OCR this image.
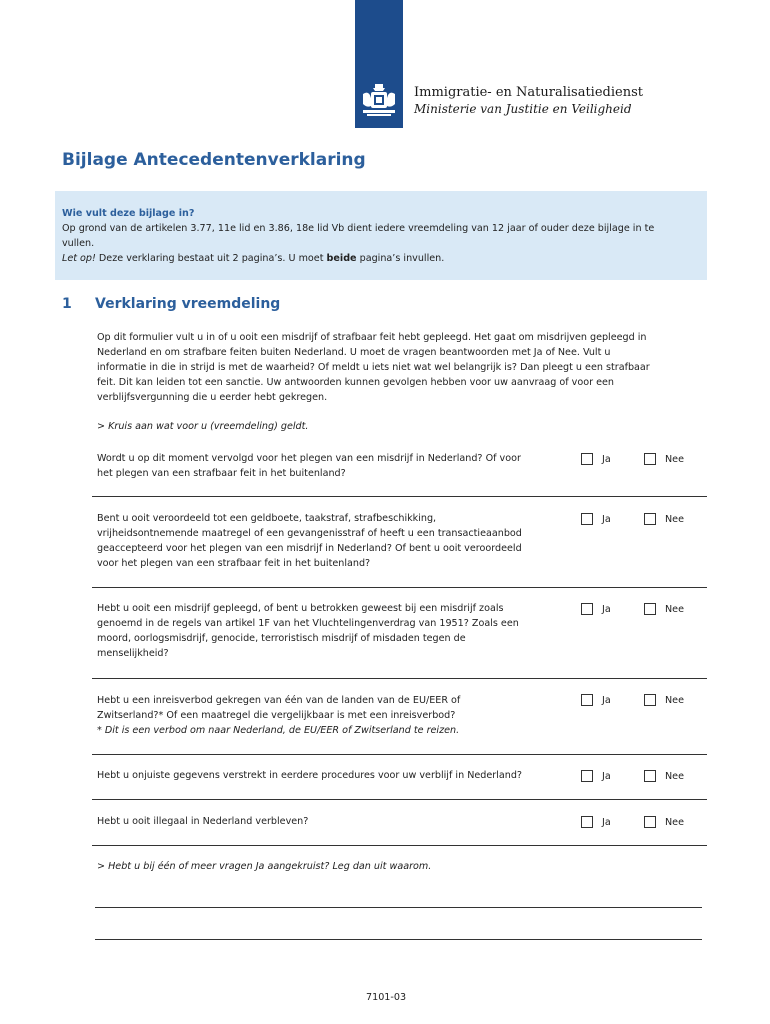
Immigratie- en Naturalisatiedienst
Ministerie van Justitie en Veiligheid
Bijlage Antecedentenverklaring
Wie vult deze bijlage in?
Op grond van de artikelen 3.77, 11e lid en 3.86, 18e lid Vb dient iedere vreemdeling van 12 jaar of ouder deze bijlage in te
vullen.
Let op! Deze verklaring bestaat uit 2 pagina’s. U moet beide pagina’s invullen.
1 Verklaring vreemdeling
Op dit formulier vult u in of u ooit een misdrijf of strafbaar feit hebt gepleegd. Het gaat om misdrijven gepleegd in
Nederland en om strafbare feiten buiten Nederland. U moet de vragen beantwoorden met Ja of Nee. Vult u
informatie in die in strijd is met de waarheid? Of meldt u iets niet wat wel belangrijk is? Dan pleegt u een strafbaar
feit. Dit kan leiden tot een sanctie. Uw antwoorden kunnen gevolgen hebben voor uw aanvraag of voor een
verblijfsvergunning die u eerder hebt gekregen.
> Kruis aan wat voor u (vreemdeling) geldt.
Wordt u op dit moment vervolgd voor het plegen van een misdrijf in Nederland? Of voor
het plegen van een strafbaar feit in het buitenland?
Ja	Nee
Bent u ooit veroordeeld tot een geldboete, taakstraf, strafbeschikking,
vrijheidsontnemende maatregel of een gevangenisstraf of heeft u een transactieaanbod
geaccepteerd voor het plegen van een misdrijf in Nederland? Of bent u ooit veroordeeld
voor het plegen van een strafbaar feit in het buitenland?
Ja	Nee
Hebt u ooit een misdrijf gepleegd, of bent u betrokken geweest bij een misdrijf zoals
genoemd in de regels van artikel 1F van het Vluchtelingenverdrag van 1951? Zoals een
moord, oorlogsmisdrijf, genocide, terroristisch misdrijf of misdaden tegen de
menselijkheid?
Ja	Nee
Hebt u een inreisverbod gekregen van één van de landen van de EU/EER of
Zwitserland?* Of een maatregel die vergelijkbaar is met een inreisverbod?
* Dit is een verbod om naar Nederland, de EU/EER of Zwitserland te reizen.
Ja	Nee
Hebt u onjuiste gegevens verstrekt in eerdere procedures voor uw verblijf in Nederland?	Ja	Nee
Hebt u ooit illegaal in Nederland verbleven?	Ja	Nee
> Hebt u bij één of meer vragen Ja aangekruist? Leg dan uit waarom.
7101-03
